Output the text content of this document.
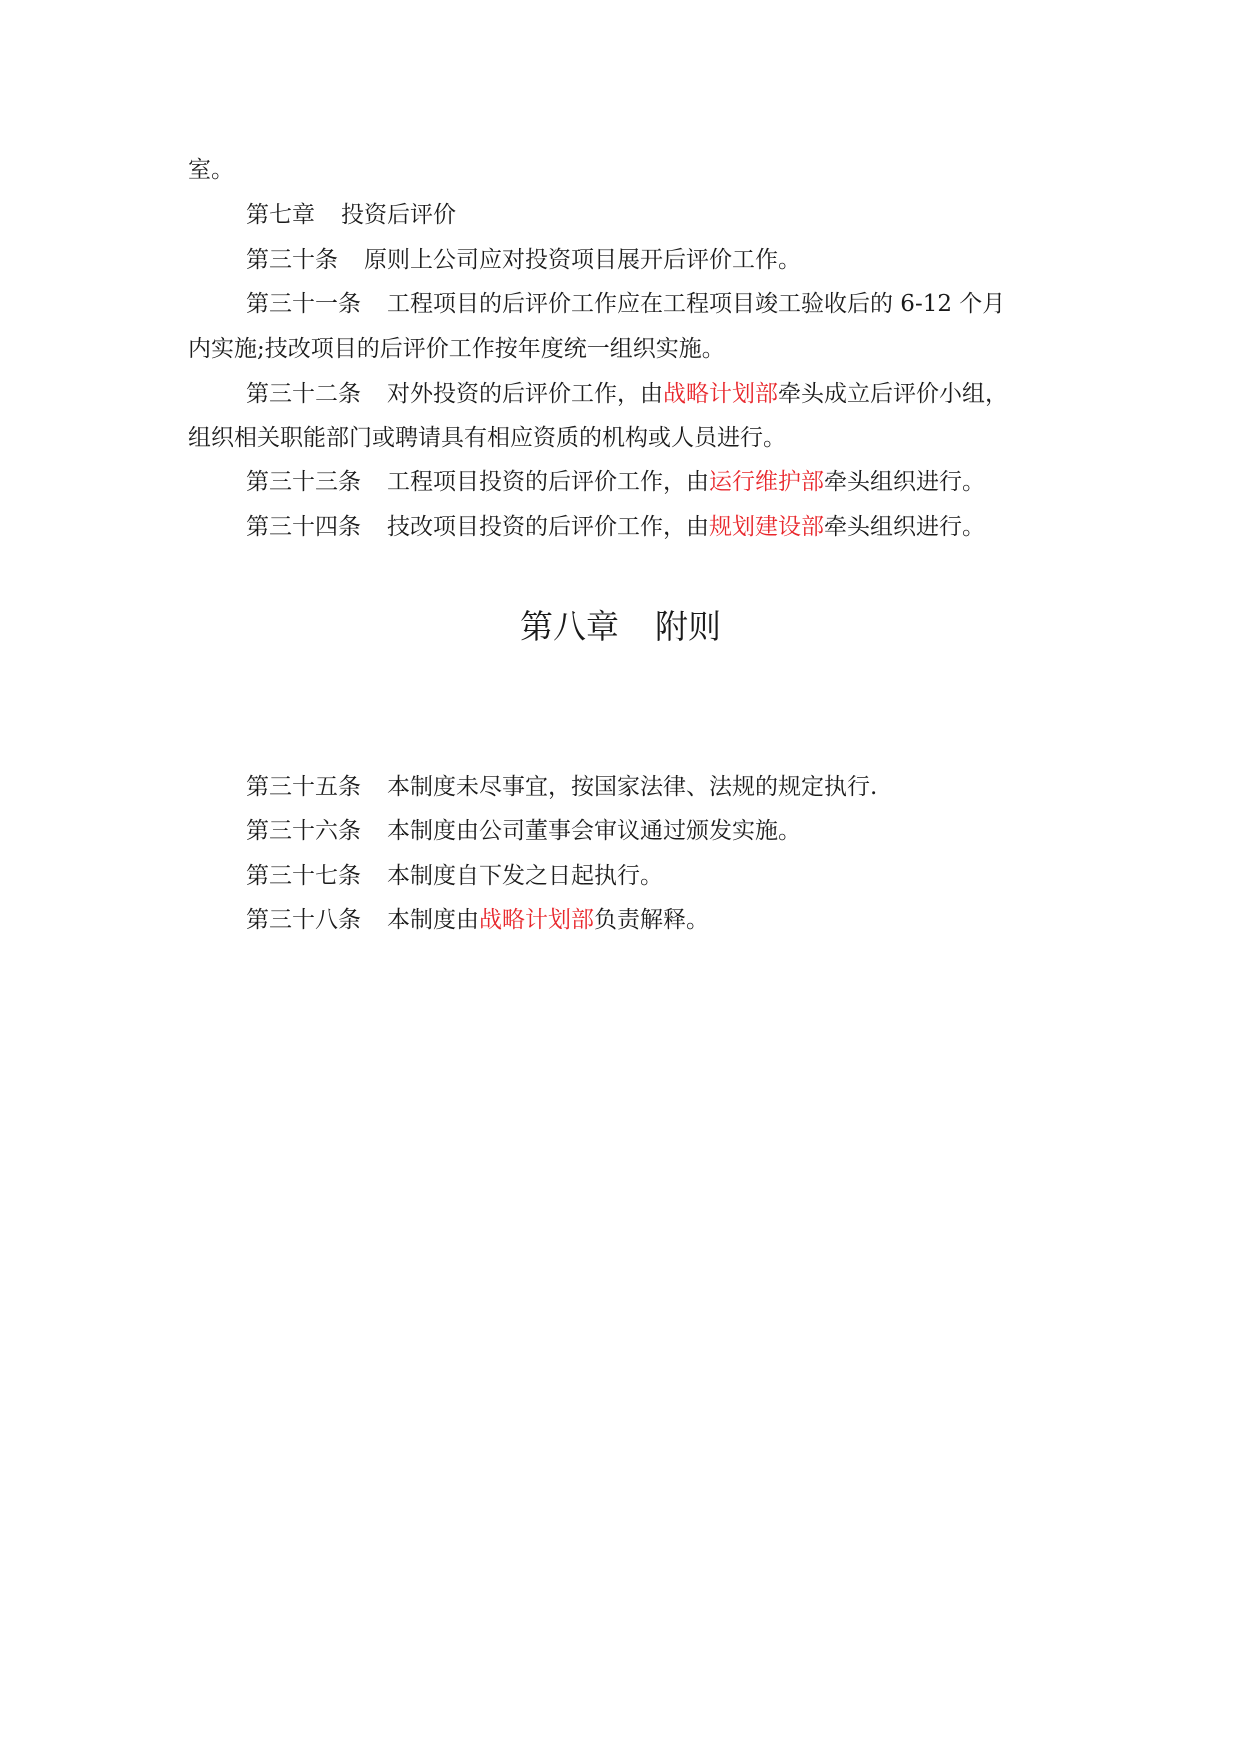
室。
第七章 投资后评价
第三十条 原则上公司应对投资项目展开后评价工作。
第三十一条 工程项目的后评价工作应在工程项目竣工验收后的 6-12 个月
内实施;技改项目的后评价工作按年度统一组织实施。
第三十二条 对外投资的后评价工作，由战略计划部牵头成立后评价小组，
组织相关职能部门或聘请具有相应资质的机构或人员进行。
第三十三条 工程项目投资的后评价工作，由运行维护部牵头组织进行。
第三十四条 技改项目投资的后评价工作，由规划建设部牵头组织进行。
第八章 附则
第三十五条 本制度未尽事宜，按国家法律、法规的规定执行.
第三十六条 本制度由公司董事会审议通过颁发实施。
第三十七条 本制度自下发之日起执行。
第三十八条 本制度由战略计划部负责解释。
